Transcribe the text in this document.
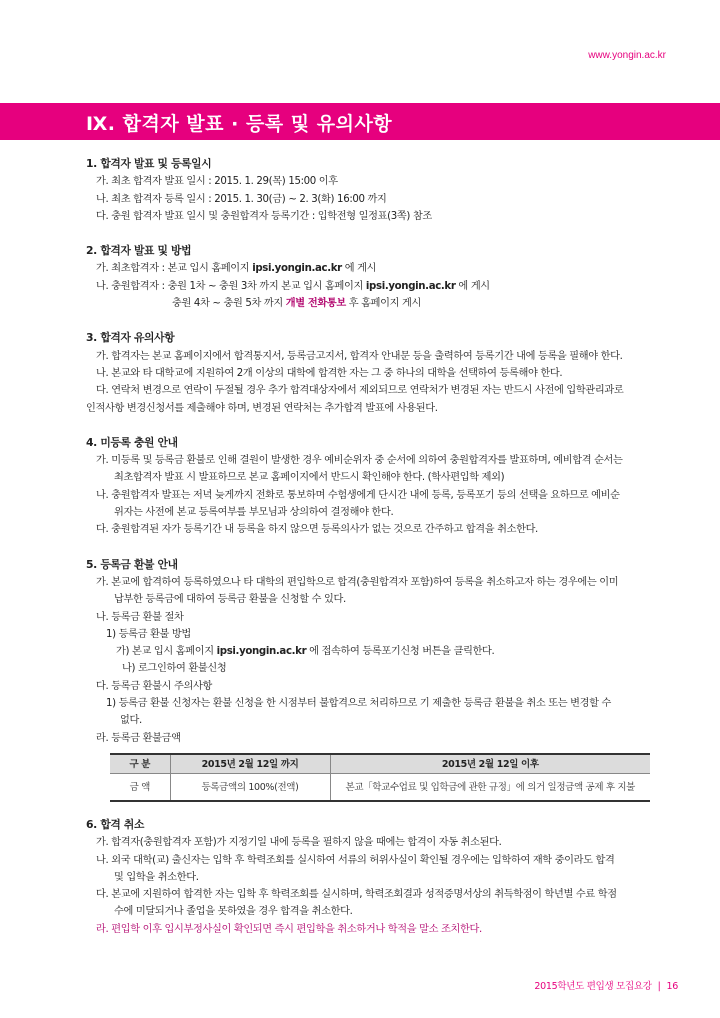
www.yongin.ac.kr
Ⅸ. 합격자 발표 · 등록 및 유의사항
1. 합격자 발표 및 등록일시
가. 최초 합격자 발표 일시 : 2015. 1. 29(목) 15:00 이후
나. 최초 합격자 등록 일시 : 2015. 1. 30(금) ~ 2. 3(화) 16:00 까지
다. 충원 합격자 발표 일시 및 충원합격자 등록기간 : 입학전형 일정표(3쪽) 참조
2. 합격자 발표 및 방법
가. 최초합격자 : 본교 입시 홈페이지 ipsi.yongin.ac.kr 에 게시
나. 충원합격자 : 충원 1차 ~ 충원 3차 까지 본교 입시 홈페이지 ipsi.yongin.ac.kr 에 게시
충원 4차 ~ 충원 5차 까지 개별 전화통보 후 홈페이지 게시
3. 합격자 유의사항
가. 합격자는 본교 홈페이지에서 합격통지서, 등록금고지서, 합격자 안내문 등을 출력하여 등록기간 내에 등록을 필해야 한다.
나. 본교와 타 대학교에 지원하여 2개 이상의 대학에 합격한 자는 그 중 하나의 대학을 선택하여 등록해야 한다.
다. 연락처 변경으로 연락이 두절될 경우 추가 합격대상자에서 제외되므로 연락처가 변경된 자는 반드시 사전에 입학관리과로
인적사항 변경신청서를 제출해야 하며, 변경된 연락처는 추가합격 발표에 사용된다.
4. 미등록 충원 안내
가. 미등록 및 등록금 환불로 인해 결원이 발생한 경우 예비순위자 중 순서에 의하여 충원합격자를 발표하며, 예비합격 순서는
최초합격자 발표 시 발표하므로 본교 홈페이지에서 반드시 확인해야 한다. (학사편입학 제외)
나. 충원합격자 발표는 저녁 늦게까지 전화로 통보하며 수험생에게 단시간 내에 등록, 등록포기 등의 선택을 요하므로 예비순
위자는 사전에 본교 등록여부를 부모님과 상의하여 결정해야 한다.
다. 충원합격된 자가 등록기간 내 등록을 하지 않으면 등록의사가 없는 것으로 간주하고 합격을 취소한다.
5. 등록금 환불 안내
가. 본교에 합격하여 등록하였으나 타 대학의 편입학으로 합격(충원합격자 포함)하여 등록을 취소하고자 하는 경우에는 이미
납부한 등록금에 대하여 등록금 환불을 신청할 수 있다.
나. 등록금 환불 절차
1) 등록금 환불 방법
가) 본교 입시 홈페이지 ipsi.yongin.ac.kr 에 접속하여 등록포기신청 버튼을 클릭한다.
나) 로그인하여 환불신청
다. 등록금 환불시 주의사항
1) 등록금 환불 신청자는 환불 신청을 한 시점부터 불합격으로 처리하므로 기 제출한 등록금 환불을 취소 또는 변경할 수
없다.
라. 등록금 환불금액
구 분	2015년 2월 12일 까지	2015년 2월 12일 이후
금 액	등록금액의 100%(전액)	본교「학교수업료 및 입학금에 관한 규정」에 의거 일정금액 공제 후 지불
6. 합격 취소
가. 합격자(충원합격자 포함)가 지정기일 내에 등록을 필하지 않을 때에는 합격이 자동 취소된다.
나. 외국 대학(교) 출신자는 입학 후 학력조회를 실시하여 서류의 허위사실이 확인될 경우에는 입학하여 재학 중이라도 합격
및 입학을 취소한다.
다. 본교에 지원하여 합격한 자는 입학 후 학력조회를 실시하며, 학력조회결과 성적증명서상의 취득학점이 학년별 수료 학점
수에 미달되거나 졸업을 못하였을 경우 합격을 취소한다.
라. 편입학 이후 입시부정사실이 확인되면 즉시 편입학을 취소하거나 학적을 말소 조치한다.
2015학년도 편입생 모집요강 | 16
